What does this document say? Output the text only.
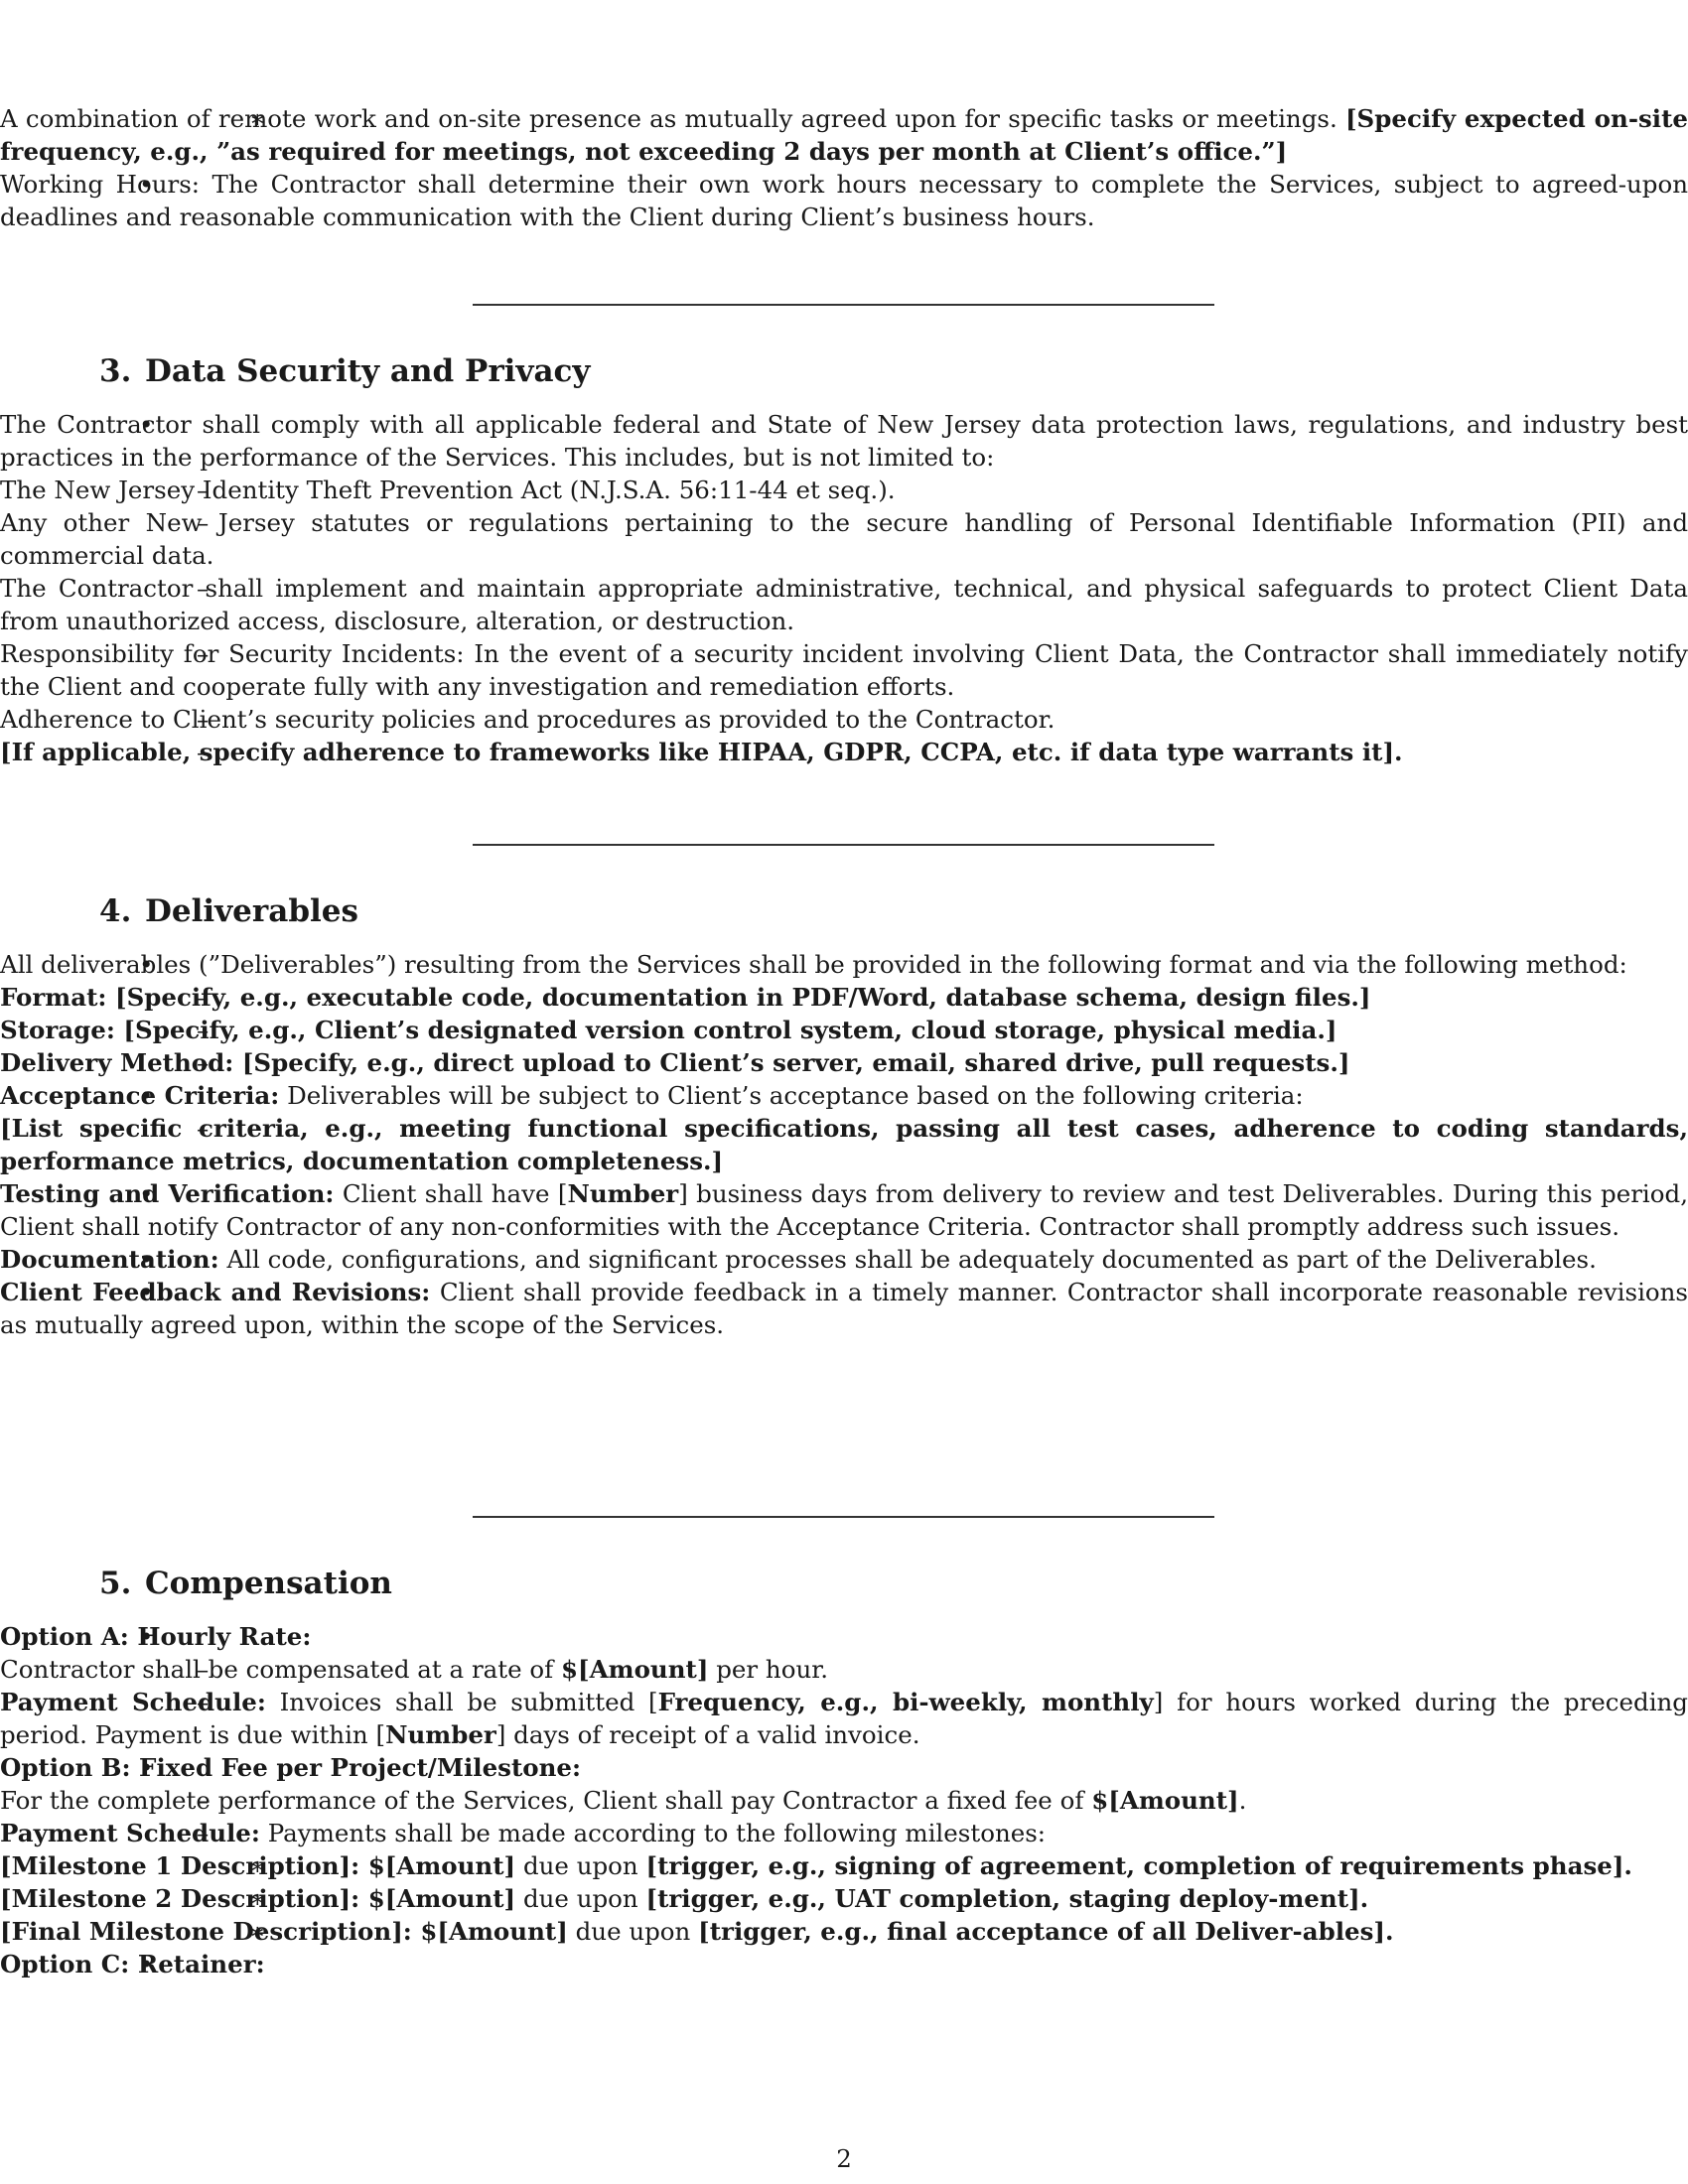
∗ A combination of remote work and on-site presence as mutually agreed upon for specific tasks or meetings. [Specify expected on-site frequency, e.g., ”as required for meetings, not exceeding 2 days per month at Client’s office.”]

• Working Hours: The Contractor shall determine their own work hours necessary to complete the Services, subject to agreed-upon deadlines and reasonable communication with the Client during Client’s business hours.

3. Data Security and Privacy

• The Contractor shall comply with all applicable federal and State of New Jersey data protection laws, regulations, and industry best practices in the performance of the Services. This includes, but is not limited to:

– The New Jersey Identity Theft Prevention Act (N.J.S.A. 56:11-44 et seq.).

– Any other New Jersey statutes or regulations pertaining to the secure handling of Personal Identifiable Information (PII) and commercial data.

– The Contractor shall implement and maintain appropriate administrative, technical, and physical safeguards to protect Client Data from unauthorized access, disclosure, alteration, or destruction.

– Responsibility for Security Incidents: In the event of a security incident involving Client Data, the Contractor shall immediately notify the Client and cooperate fully with any investigation and remediation efforts.

– Adherence to Client’s security policies and procedures as provided to the Contractor.

– [If applicable, specify adherence to frameworks like HIPAA, GDPR, CCPA, etc. if data type warrants it].

4. Deliverables

• All deliverables (”Deliverables”) resulting from the Services shall be provided in the following format and via the following method:

– Format: [Specify, e.g., executable code, documentation in PDF/Word, database schema, design files.]

– Storage: [Specify, e.g., Client’s designated version control system, cloud storage, physical media.]

– Delivery Method: [Specify, e.g., direct upload to Client’s server, email, shared drive, pull requests.]

• Acceptance Criteria: Deliverables will be subject to Client’s acceptance based on the following criteria:

– [List specific criteria, e.g., meeting functional specifications, passing all test cases, adherence to coding standards, performance metrics, documentation completeness.]

• Testing and Verification: Client shall have [Number] business days from delivery to review and test Deliverables. During this period, Client shall notify Contractor of any non-conformities with the Acceptance Criteria. Contractor shall promptly address such issues.

• Documentation: All code, configurations, and significant processes shall be adequately documented as part of the Deliverables.

• Client Feedback and Revisions: Client shall provide feedback in a timely manner. Contractor shall incorporate reasonable revisions as mutually agreed upon, within the scope of the Services.

5. Compensation

• Option A: Hourly Rate:

– Contractor shall be compensated at a rate of $[Amount] per hour.

– Payment Schedule: Invoices shall be submitted [Frequency, e.g., bi-weekly, monthly] for hours worked during the preceding period. Payment is due within [Number] days of receipt of a valid invoice.

• Option B: Fixed Fee per Project/Milestone:

– For the complete performance of the Services, Client shall pay Contractor a fixed fee of $[Amount].

– Payment Schedule: Payments shall be made according to the following milestones:

∗ [Milestone 1 Description]: $[Amount] due upon [trigger, e.g., signing of agreement, completion of requirements phase].

∗ [Milestone 2 Description]: $[Amount] due upon [trigger, e.g., UAT completion, staging deploy-ment].

∗ [Final Milestone Description]: $[Amount] due upon [trigger, e.g., final acceptance of all Deliver-ables].

• Option C: Retainer:

2
